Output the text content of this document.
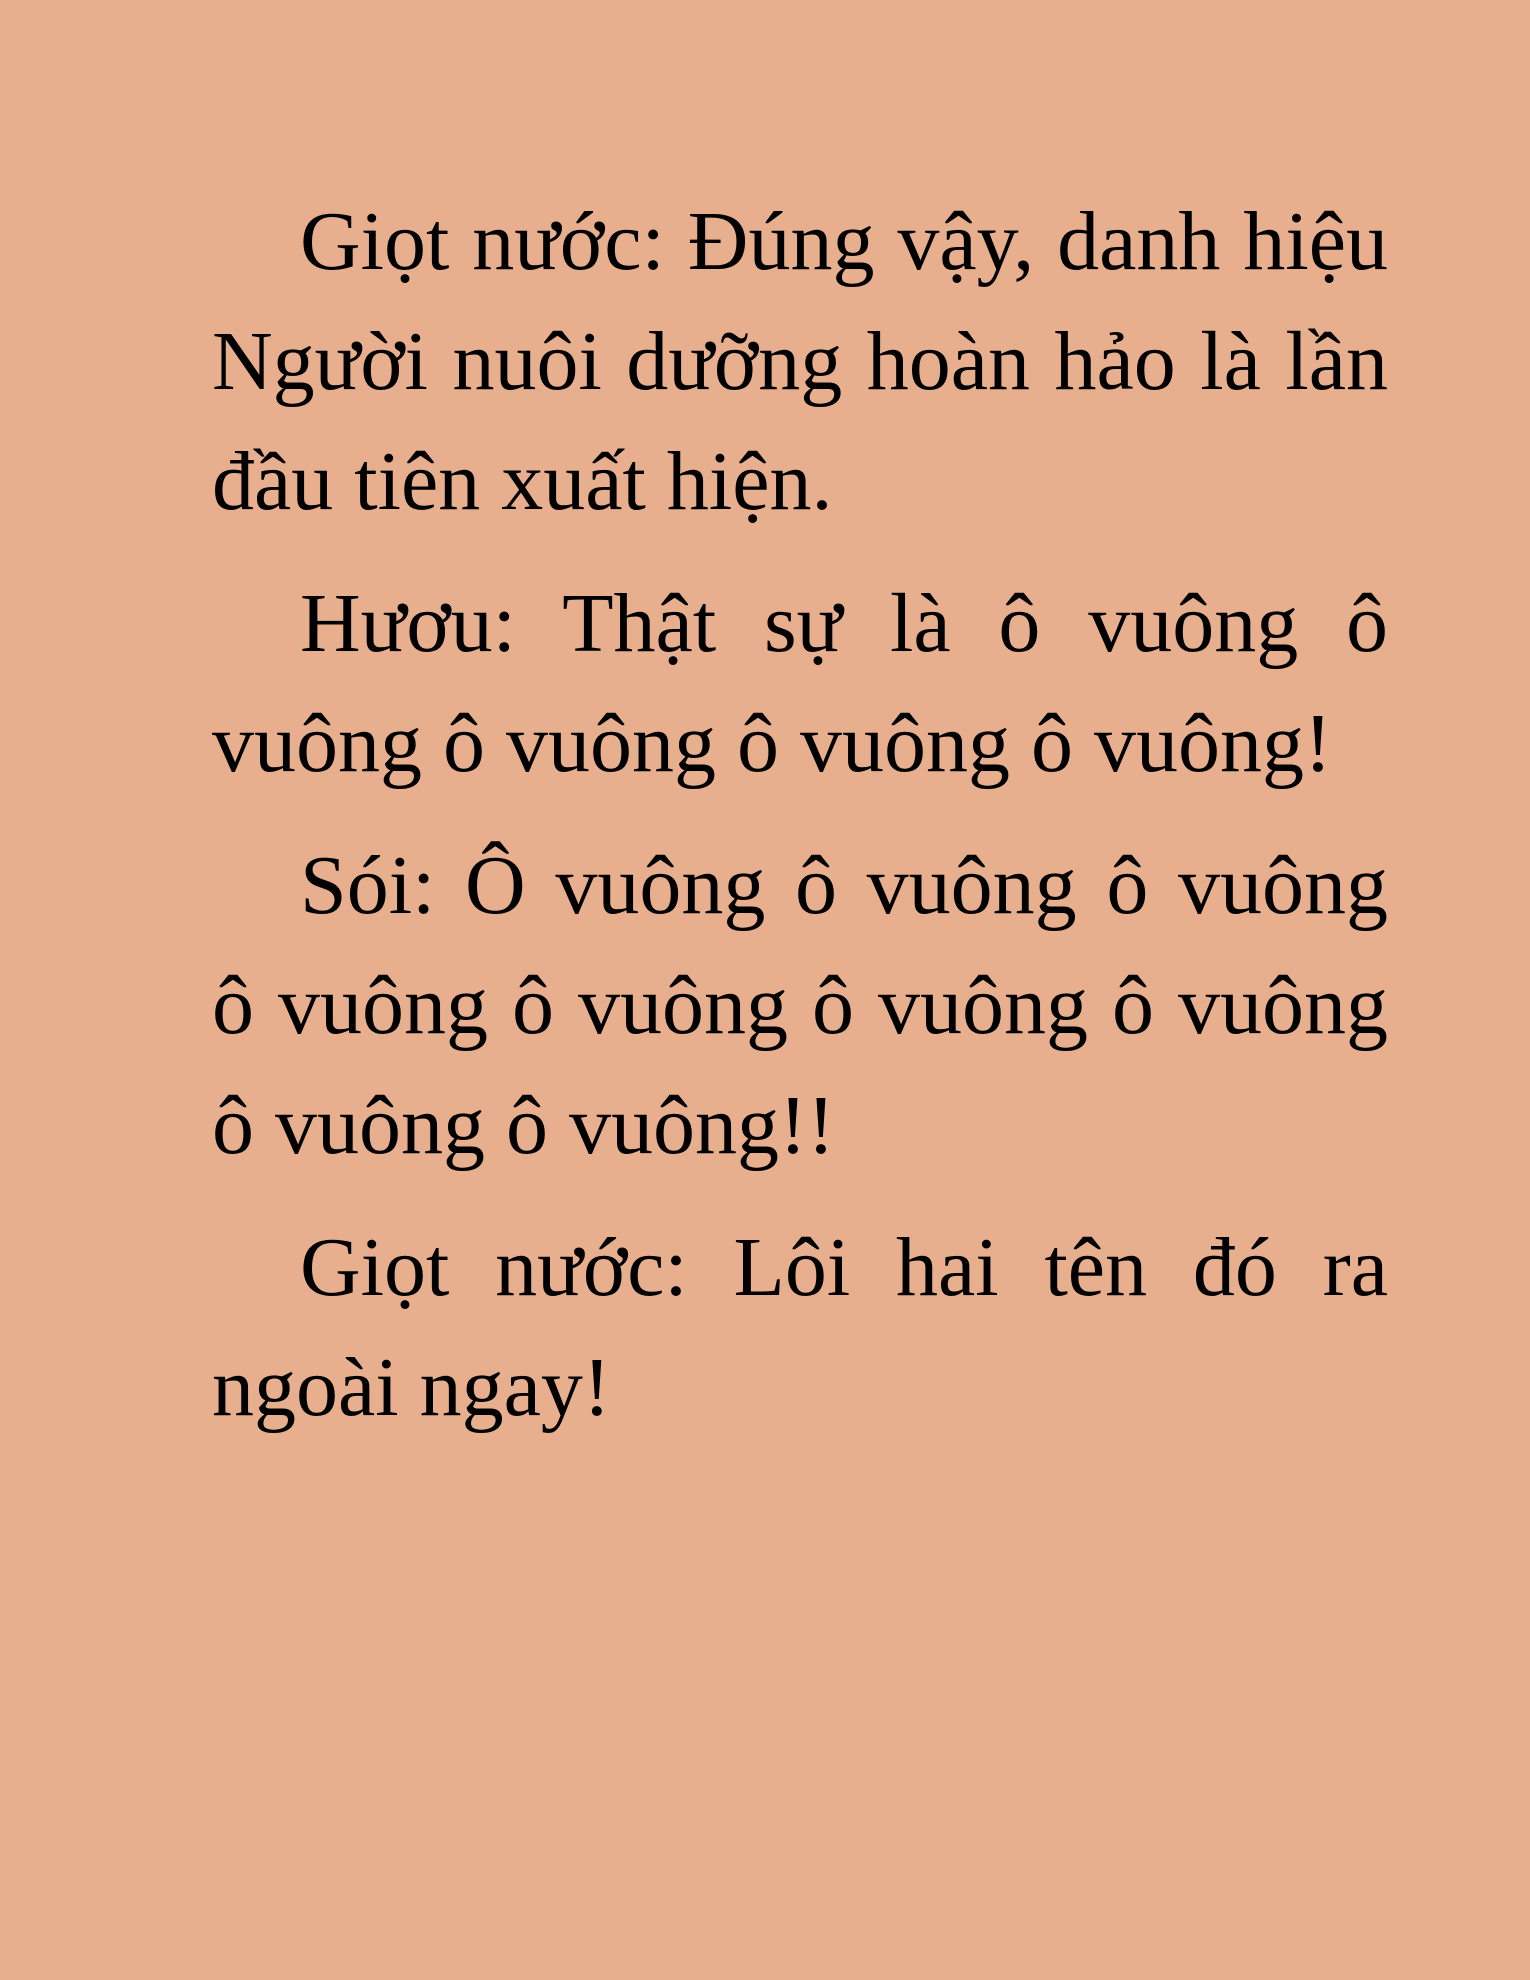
Giọt nước: Đúng vậy, danh hiệu Người nuôi dưỡng hoàn hảo là lần đầu tiên xuất hiện.

Hươu: Thật sự là ô vuông ô vuông ô vuông ô vuông ô vuông!

Sói: Ô vuông ô vuông ô vuông ô vuông ô vuông ô vuông ô vuông ô vuông ô vuông!!

Giọt nước: Lôi hai tên đó ra ngoài ngay!
